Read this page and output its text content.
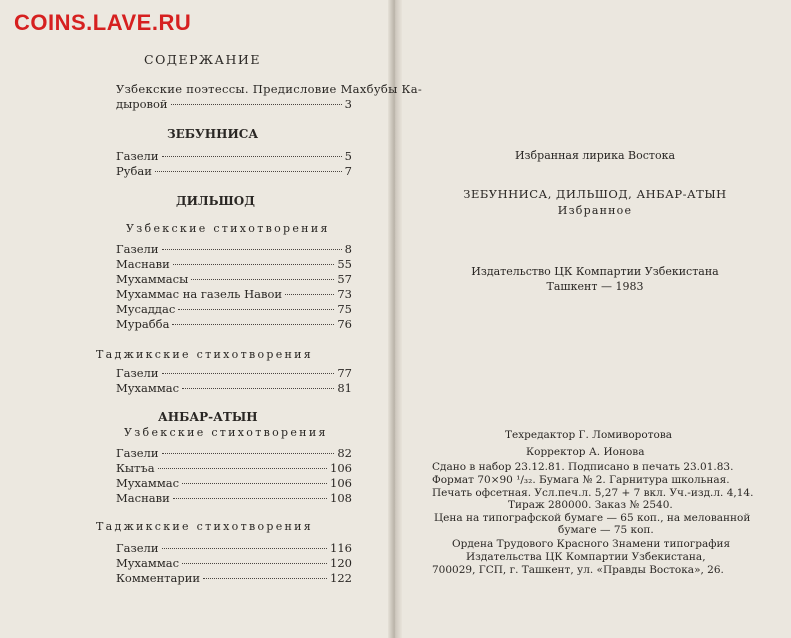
COINS.LAVE.RU
СОДЕРЖАНИЕ
Узбекские поэтессы. Предисловие Махбубы Ка-
дыровой	3
ЗЕБУННИСА
Газели	5
Рубаи	7
ДИЛЬШОД
Узбекские стихотворения
Газели	8
Маснави	55
Мухаммасы	57
Мухаммас на газель Навои	73
Мусаддас	75
Мурабба	76
Таджикские стихотворения
Газели	77
Мухаммас	81
АНБАР-АТЫН
Узбекские стихотворения
Газели	82
Кытъа	106
Мухаммас	106
Маснави	108
Таджикские стихотворения
Газели	116
Мухаммас	120
Комментарии	122
Избранная лирика Востока
ЗЕБУННИСА, ДИЛЬШОД, АНБАР-АТЫН
Избранное
Издательство ЦК Компартии Узбекистана
Ташкент — 1983
Техредактор Г. Ломиворотова
Корректор А. Ионова
Сдано в набор 23.12.81. Подписано в печать 23.01.83.
Формат 70×90 ¹/₃₂. Бумага № 2. Гарнитура школьная.
Печать офсетная. Усл.печ.л. 5,27 + 7 вкл. Уч.-изд.л. 4,14.
Тираж 280000. Заказ № 2540.
Цена на типографской бумаге — 65 коп., на мелованной
бумаге — 75 коп.
Ордена Трудового Красного Знамени типография
Издательства ЦК Компартии Узбекистана,
700029, ГСП, г. Ташкент, ул. «Правды Востока», 26.
